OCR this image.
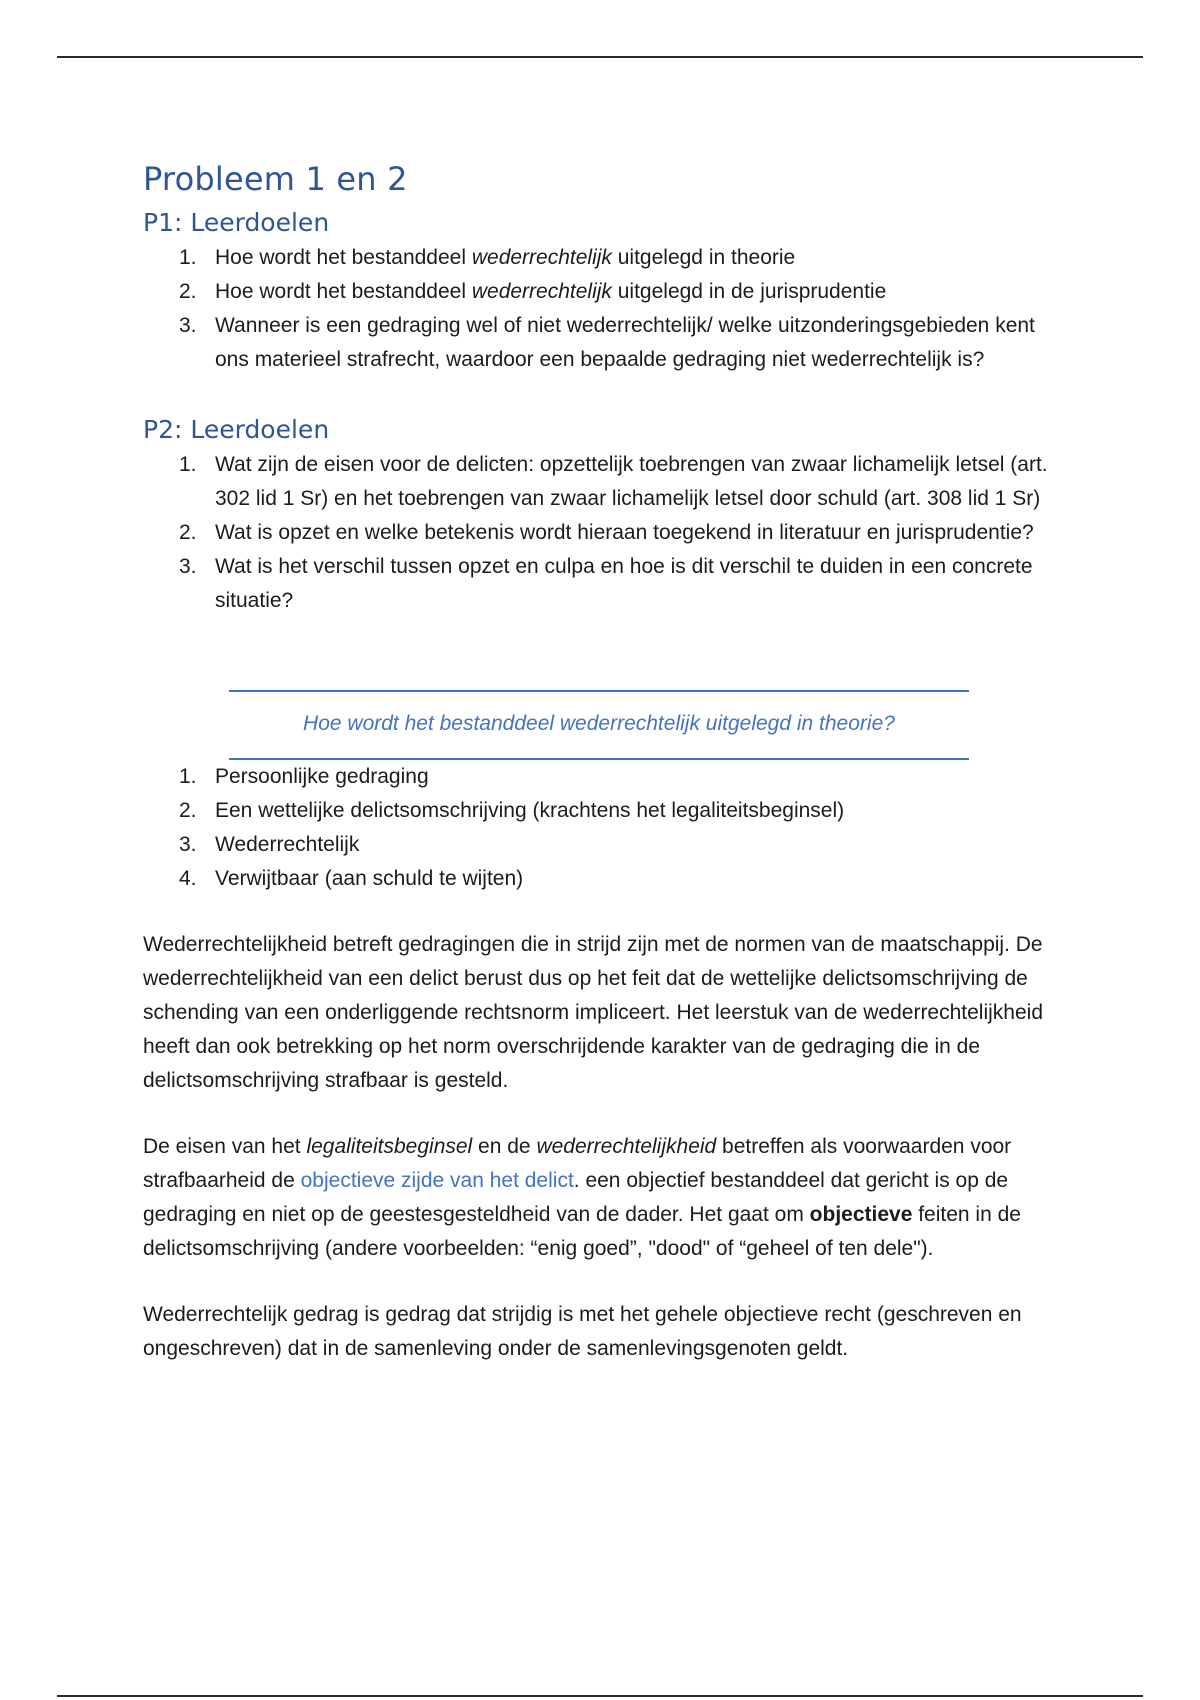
Probleem 1 en 2
P1: Leerdoelen
1. Hoe wordt het bestanddeel wederrechtelijk uitgelegd in theorie
2. Hoe wordt het bestanddeel wederrechtelijk uitgelegd in de jurisprudentie
3. Wanneer is een gedraging wel of niet wederrechtelijk/ welke uitzonderingsgebieden kent ons materieel strafrecht, waardoor een bepaalde gedraging niet wederrechtelijk is?
P2: Leerdoelen
1. Wat zijn de eisen voor de delicten: opzettelijk toebrengen van zwaar lichamelijk letsel (art. 302 lid 1 Sr) en het toebrengen van zwaar lichamelijk letsel door schuld (art. 308 lid 1 Sr)
2. Wat is opzet en welke betekenis wordt hieraan toegekend in literatuur en jurisprudentie?
3. Wat is het verschil tussen opzet en culpa en hoe is dit verschil te duiden in een concrete situatie?
Hoe wordt het bestanddeel wederrechtelijk uitgelegd in theorie?
1. Persoonlijke gedraging
2. Een wettelijke delictsomschrijving (krachtens het legaliteitsbeginsel)
3. Wederrechtelijk
4. Verwijtbaar (aan schuld te wijten)

Wederrechtelijkheid betreft gedragingen die in strijd zijn met de normen van de maatschappij. De wederrechtelijkheid van een delict berust dus op het feit dat de wettelijke delictsomschrijving de schending van een onderliggende rechtsnorm impliceert. Het leerstuk van de wederrechtelijkheid heeft dan ook betrekking op het norm overschrijdende karakter van de gedraging die in de delictsomschrijving strafbaar is gesteld.

De eisen van het legaliteitsbeginsel en de wederrechtelijkheid betreffen als voorwaarden voor strafbaarheid de objectieve zijde van het delict. een objectief bestanddeel dat gericht is op de gedraging en niet op de geestesgesteldheid van de dader. Het gaat om objectieve feiten in de delictsomschrijving (andere voorbeelden: “enig goed”, "dood" of “geheel of ten dele").

Wederrechtelijk gedrag is gedrag dat strijdig is met het gehele objectieve recht (geschreven en ongeschreven) dat in de samenleving onder de samenlevingsgenoten geldt.
